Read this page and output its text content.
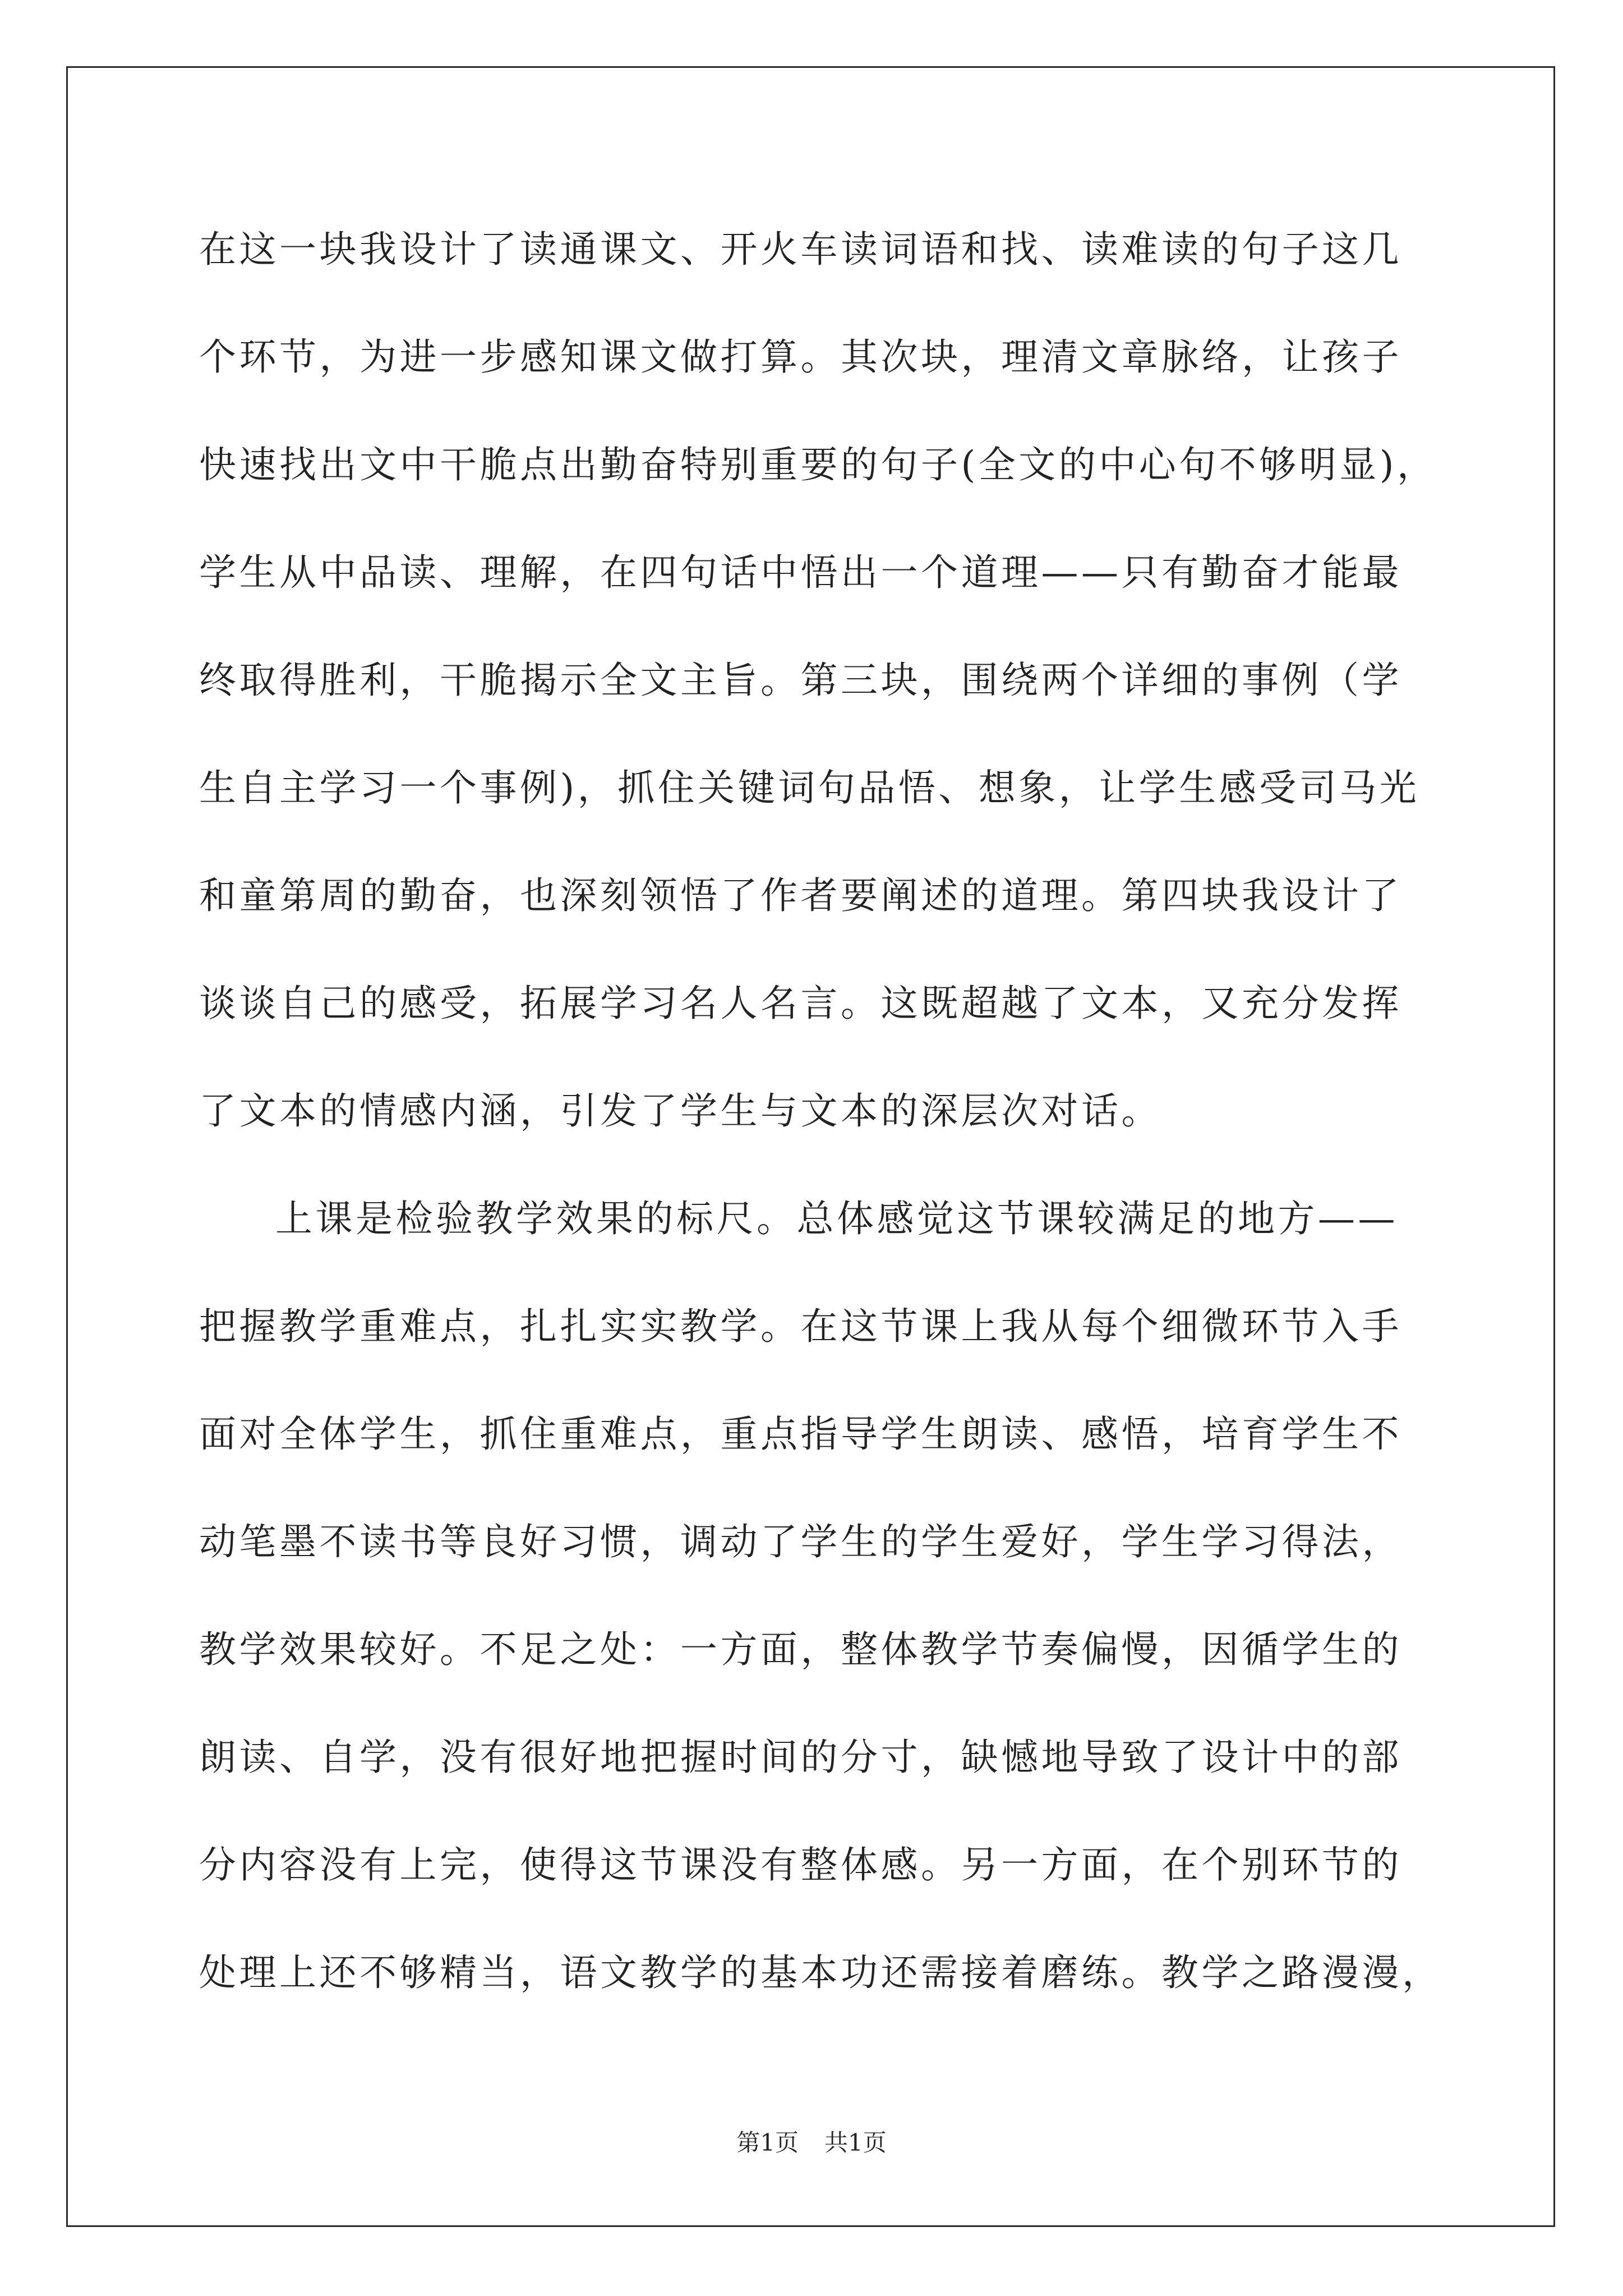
在这一块我设计了读通课文、开火车读词语和找、读难读的句子这几
个环节，为进一步感知课文做打算。其次块，理清文章脉络，让孩子
快速找出文中干脆点出勤奋特别重要的句子(全文的中心句不够明显)，
学生从中品读、理解，在四句话中悟出一个道理——只有勤奋才能最
终取得胜利，干脆揭示全文主旨。第三块，围绕两个详细的事例（学
生自主学习一个事例)，抓住关键词句品悟、想象，让学生感受司马光
和童第周的勤奋，也深刻领悟了作者要阐述的道理。第四块我设计了
谈谈自己的感受，拓展学习名人名言。这既超越了文本，又充分发挥
了文本的情感内涵，引发了学生与文本的深层次对话。
上课是检验教学效果的标尺。总体感觉这节课较满足的地方——
把握教学重难点，扎扎实实教学。在这节课上我从每个细微环节入手
面对全体学生，抓住重难点，重点指导学生朗读、感悟，培育学生不
动笔墨不读书等良好习惯，调动了学生的学生爱好，学生学习得法，
教学效果较好。不足之处：一方面，整体教学节奏偏慢，因循学生的
朗读、自学，没有很好地把握时间的分寸，缺憾地导致了设计中的部
分内容没有上完，使得这节课没有整体感。另一方面，在个别环节的
处理上还不够精当，语文教学的基本功还需接着磨练。教学之路漫漫，
第1页 共1页
